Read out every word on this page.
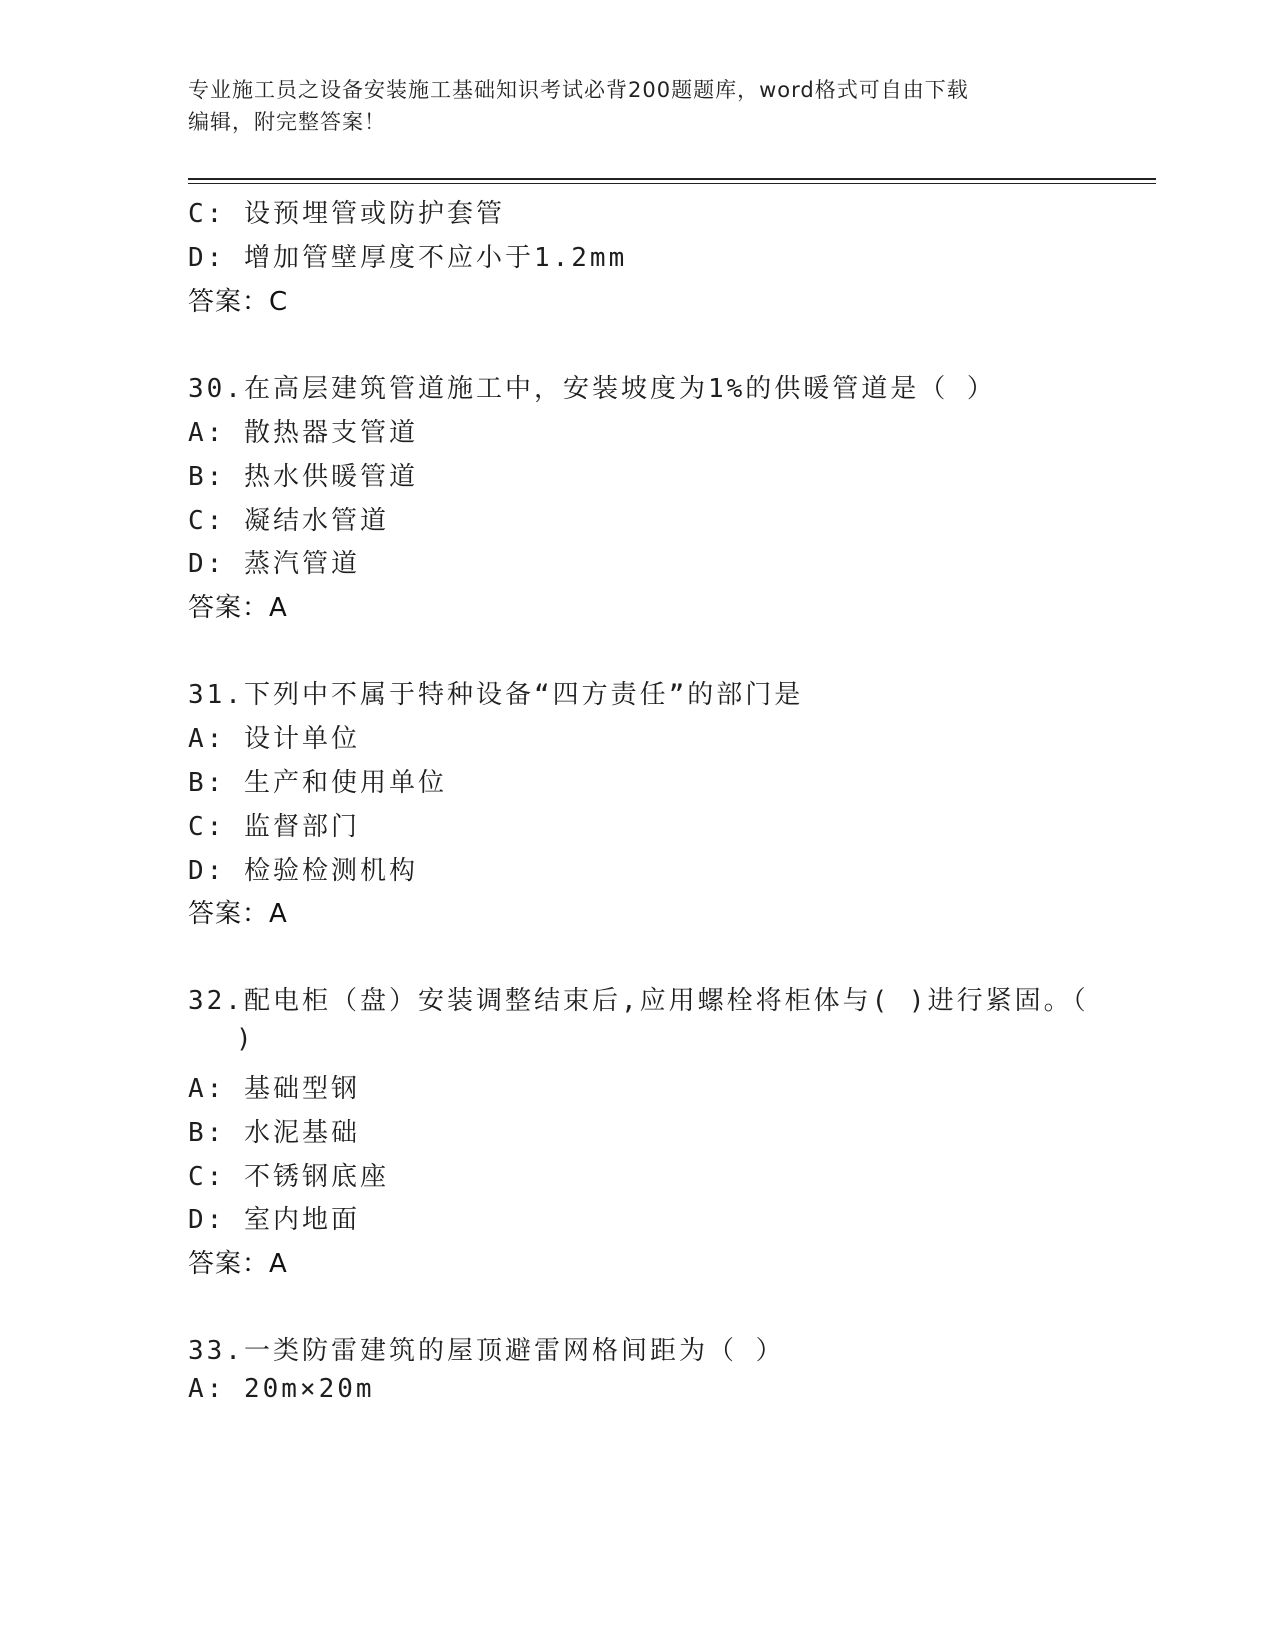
专业施工员之设备安装施工基础知识考试必背200题题库，word格式可自由下载
编辑，附完整答案！
C: 设预埋管或防护套管
D: 增加管壁厚度不应小于1.2mm
答案：C
30.在高层建筑管道施工中，安装坡度为1%的供暖管道是（ ）
A: 散热器支管道
B: 热水供暖管道
C: 凝结水管道
D: 蒸汽管道
答案：A
31.下列中不属于特种设备“四方责任”的部门是
A: 设计单位
B: 生产和使用单位
C: 监督部门
D: 检验检测机构
答案：A
32.配电柜（盘）安装调整结束后,应用螺栓将柜体与( )进行紧固。（
)
A: 基础型钢
B: 水泥基础
C: 不锈钢底座
D: 室内地面
答案：A
33.一类防雷建筑的屋顶避雷网格间距为（ ）
A: 20m×20m
